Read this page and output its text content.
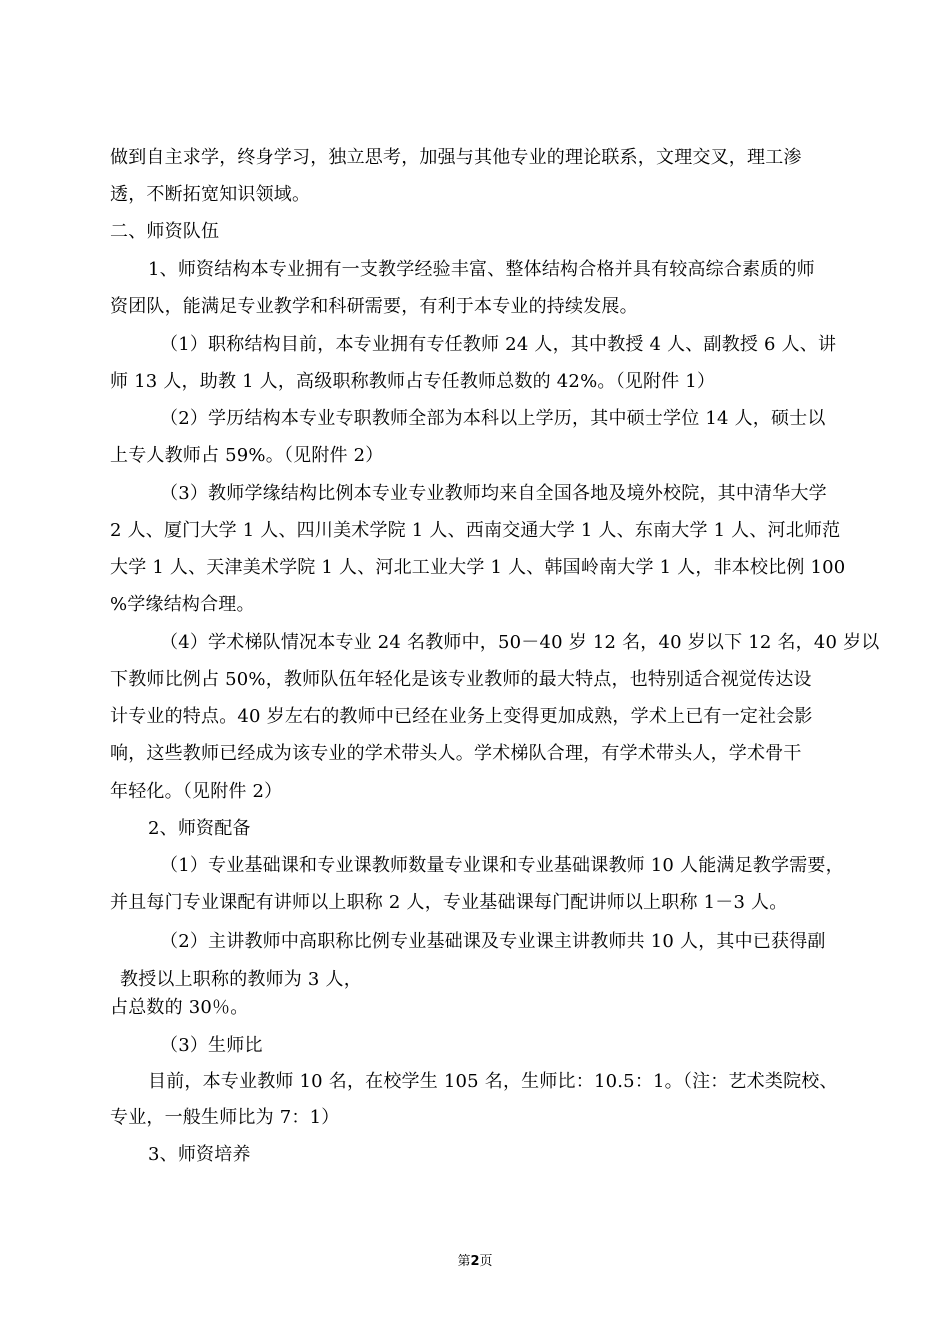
做到自主求学，终身学习，独立思考，加强与其他专业的理论联系，文理交叉，理工渗
透，不断拓宽知识领域。
二、师资队伍
1、师资结构本专业拥有一支教学经验丰富、整体结构合格并具有较高综合素质的师
资团队，能满足专业教学和科研需要，有利于本专业的持续发展。
（1）职称结构目前，本专业拥有专任教师 24 人，其中教授 4 人、副教授 6 人、讲
师 13 人，助教 1 人，高级职称教师占专任教师总数的 42%。（见附件 1）
（2）学历结构本专业专职教师全部为本科以上学历，其中硕士学位 14 人，硕士以
上专人教师占 59%。（见附件 2）
（3）教师学缘结构比例本专业专业教师均来自全国各地及境外校院，其中清华大学
2 人、厦门大学 1 人、四川美术学院 1 人、西南交通大学 1 人、东南大学 1 人、河北师范
大学 1 人、天津美术学院 1 人、河北工业大学 1 人、韩国岭南大学 1 人，非本校比例 100
%学缘结构合理。
（4）学术梯队情况本专业 24 名教师中，50－40 岁 12 名，40 岁以下 12 名，40 岁以
下教师比例占 50%，教师队伍年轻化是该专业教师的最大特点，也特别适合视觉传达设
计专业的特点。40 岁左右的教师中已经在业务上变得更加成熟，学术上已有一定社会影
响，这些教师已经成为该专业的学术带头人。学术梯队合理，有学术带头人，学术骨干
年轻化。（见附件 2）
2、师资配备
（1）专业基础课和专业课教师数量专业课和专业基础课教师 10 人能满足教学需要，
并且每门专业课配有讲师以上职称 2 人，专业基础课每门配讲师以上职称 1－3 人。
（2）主讲教师中高职称比例专业基础课及专业课主讲教师共 10 人，其中已获得副
教授以上职称的教师为 3 人，
占总数的 30％。
（3）生师比
目前，本专业教师 10 名，在校学生 105 名，生师比：10.5：1。（注：艺术类院校、
专业，一般生师比为 7：1）
3、师资培养
第2页
